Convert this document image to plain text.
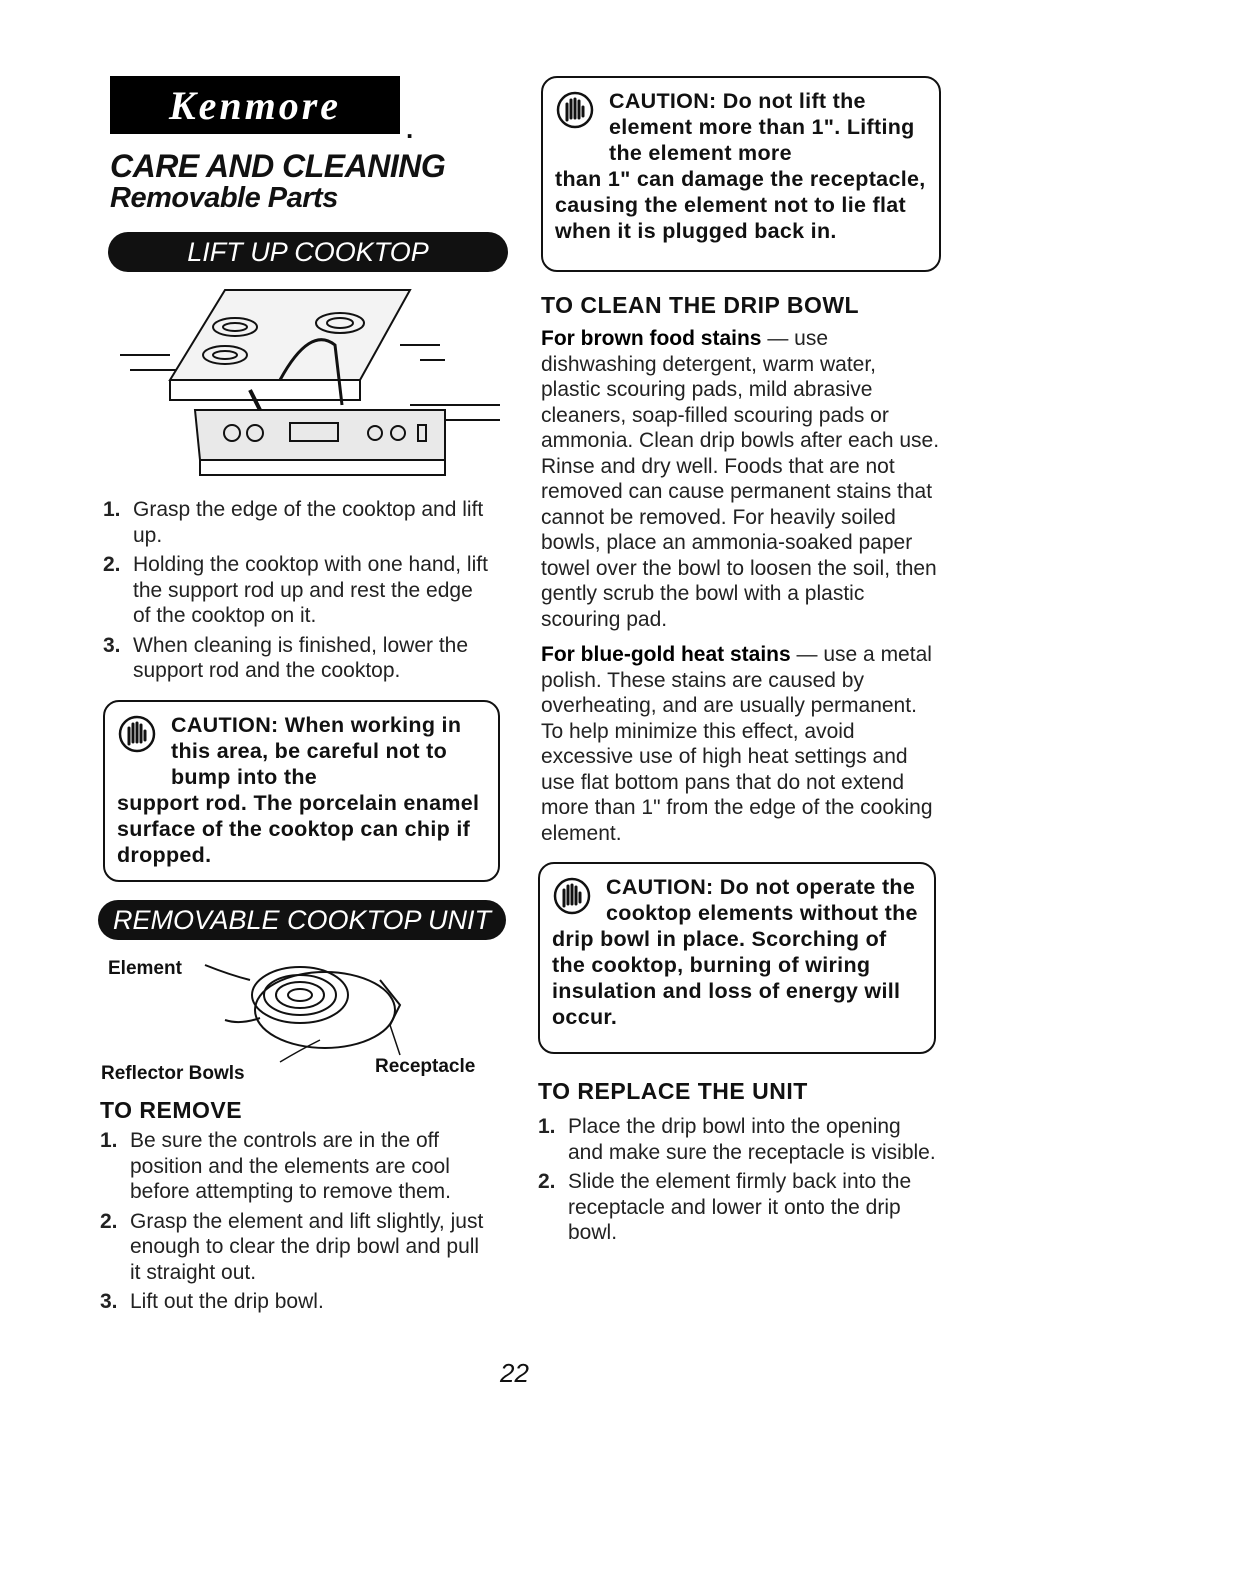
Kenmore
.
CARE AND CLEANING
Removable Parts
LIFT UP COOKTOP
1. Grasp the edge of the cooktop and lift up.
2. Holding the cooktop with one hand, lift the support rod up and rest the edge of the cooktop on it.
3. When cleaning is finished, lower the support rod and the cooktop.
CAUTION: When working in this area, be careful not to bump into the
support rod. The porcelain enamel surface of the cooktop can chip if dropped.
REMOVABLE COOKTOP UNIT
Element
Reflector Bowls	Receptacle
TO REMOVE
1. Be sure the controls are in the off position and the elements are cool before attempting to remove them.
2. Grasp the element and lift slightly, just enough to clear the drip bowl and pull it straight out.
3. Lift out the drip bowl.
CAUTION: Do not lift the element more than 1". Lifting the element more
than 1" can damage the receptacle, causing the element not to lie flat when it is plugged back in.
TO CLEAN THE DRIP BOWL
For brown food stains — use dishwashing detergent, warm water, plastic scouring pads, mild abrasive cleaners, soap-filled scouring pads or ammonia. Clean drip bowls after each use. Rinse and dry well. Foods that are not removed can cause permanent stains that cannot be removed. For heavily soiled bowls, place an ammonia-soaked paper towel over the bowl to loosen the soil, then gently scrub the bowl with a plastic scouring pad.
For blue-gold heat stains — use a metal polish. These stains are caused by overheating, and are usually permanent. To help minimize this effect, avoid excessive use of high heat settings and use flat bottom pans that do not extend more than 1" from the edge of the cooking element.
CAUTION: Do not operate the cooktop elements without the
drip bowl in place. Scorching of the cooktop, burning of wiring insulation and loss of energy will occur.
TO REPLACE THE UNIT
1. Place the drip bowl into the opening and make sure the receptacle is visible.
2. Slide the element firmly back into the receptacle and lower it onto the drip bowl.
22
